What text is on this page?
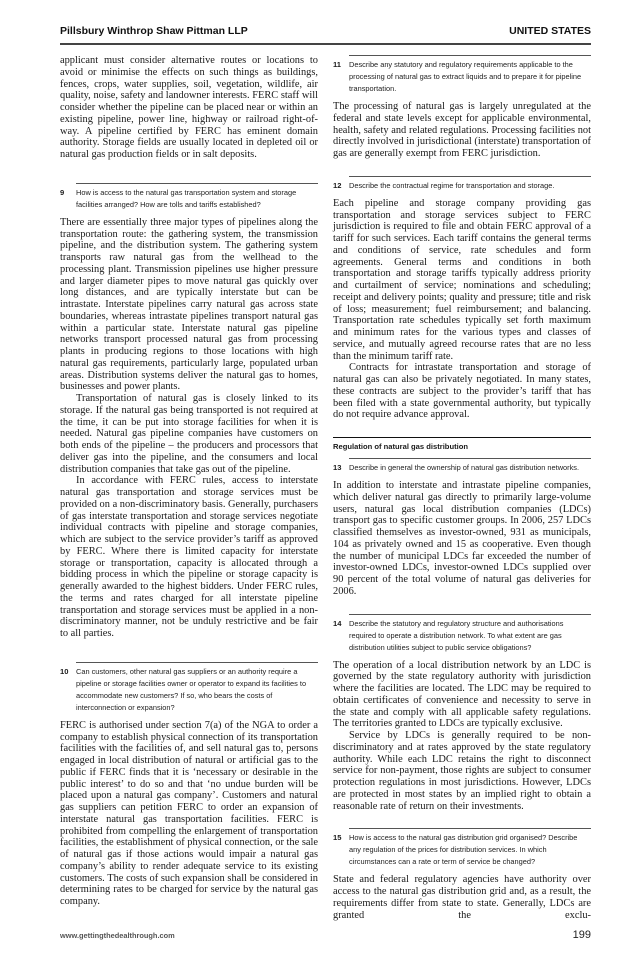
Pillsbury Winthrop Shaw Pittman LLP	UNITED STATES

applicant must consider alternative routes or locations to avoid or minimise the effects on such things as buildings, fences, crops, water supplies, soil, vegetation, wildlife, air quality, noise, safety and landowner interests. FERC staff will consider whether the pipeline can be placed near or within an existing pipeline, power line, highway or railroad right-of-way. A pipeline certified by FERC has eminent domain authority. Storage fields are usually located in depleted oil or natural gas production fields or in salt deposits.

9 How is access to the natural gas transportation system and storage facilities arranged? How are tolls and tariffs established?

There are essentially three major types of pipelines along the transportation route: the gathering system, the transmission pipeline, and the distribution system. The gathering system transports raw natural gas from the wellhead to the processing plant. Transmission pipelines use higher pressure and larger diameter pipes to move natural gas quickly over long distances, and are typically interstate but can be intrastate. Interstate pipelines carry natural gas across state boundaries, whereas intrastate pipelines transport natural gas within a particular state. Interstate natural gas pipeline networks transport processed natural gas from processing plants in producing regions to those locations with high natural gas requirements, particularly large, populated urban areas. Distribution systems deliver the natural gas to homes, businesses and power plants.

Transportation of natural gas is closely linked to its storage. If the natural gas being transported is not required at the time, it can be put into storage facilities for when it is needed. Natural gas pipeline companies have customers on both ends of the pipeline – the producers and processors that deliver gas into the pipeline, and the consumers and local distribution companies that take gas out of the pipeline.

In accordance with FERC rules, access to interstate natural gas transportation and storage services must be provided on a non-discriminatory basis. Generally, purchasers of gas interstate transportation and storage services negotiate individual contracts with pipeline and storage companies, which are subject to the service provider’s tariff as approved by FERC. Where there is limited capacity for interstate storage or transportation, capacity is allocated through a bidding process in which the pipeline or storage capacity is generally awarded to the highest bidders. Under FERC rules, the terms and rates charged for all interstate pipeline transportation and storage services must be applied in a non-discriminatory manner, not be unduly restrictive and be fair to all parties.

10 Can customers, other natural gas suppliers or an authority require a pipeline or storage facilities owner or operator to expand its facilities to accommodate new customers? If so, who bears the costs of interconnection or expansion?

FERC is authorised under section 7(a) of the NGA to order a company to establish physical connection of its transportation facilities with the facilities of, and sell natural gas to, persons engaged in local distribution of natural or artificial gas to the public if FERC finds that it is ‘necessary or desirable in the public interest’ to do so and that ‘no undue burden will be placed upon a natural gas company’. Customers and natural gas suppliers can petition FERC to order an expansion of interstate natural gas transportation facilities. FERC is prohibited from compelling the enlargement of transportation facilities, the establishment of physical connection, or the sale of natural gas if those actions would impair a natural gas company’s ability to render adequate service to its existing customers. The costs of such expansion shall be considered in determining rates to be charged for service by the natural gas company.

11 Describe any statutory and regulatory requirements applicable to the processing of natural gas to extract liquids and to prepare it for pipeline transportation.

The processing of natural gas is largely unregulated at the federal and state levels except for applicable environmental, health, safety and related regulations. Processing facilities not directly involved in jurisdictional (interstate) transportation of gas are generally exempt from FERC jurisdiction.

12 Describe the contractual regime for transportation and storage.

Each pipeline and storage company providing gas transportation and storage services subject to FERC jurisdiction is required to file and obtain FERC approval of a tariff for such services. Each tariff contains the general terms and conditions of service, rate schedules and form agreements. General terms and conditions in both transportation and storage tariffs typically address priority and curtailment of service; nominations and scheduling; receipt and delivery points; quality and pressure; title and risk of loss; measurement; fuel reimbursement; and balancing. Transportation rate schedules typically set forth maximum and minimum rates for the various types and classes of service, and mutually agreed recourse rates that are no less than the minimum tariff rate.

Contracts for intrastate transportation and storage of natural gas can also be privately negotiated. In many states, these contracts are subject to the provider’s tariff that has been filed with a state governmental authority, but typically do not require advance approval.

Regulation of natural gas distribution
13 Describe in general the ownership of natural gas distribution networks.

In addition to interstate and intrastate pipeline companies, which deliver natural gas directly to primarily large-volume users, natural gas local distribution companies (LDCs) transport gas to specific customer groups. In 2006, 257 LDCs classified themselves as investor-owned, 931 as municipals, 104 as privately owned and 15 as cooperative. Even though the number of municipal LDCs far exceeded the number of investor-owned LDCs, investor-owned LDCs supplied over 90 percent of the total volume of natural gas deliveries for 2006.

14 Describe the statutory and regulatory structure and authorisations required to operate a distribution network. To what extent are gas distribution utilities subject to public service obligations?

The operation of a local distribution network by an LDC is governed by the state regulatory authority with jurisdiction where the facilities are located. The LDC may be required to obtain certificates of convenience and necessity to serve in the state and comply with all applicable safety regulations. The territories granted to LDCs are typically exclusive.

Service by LDCs is generally required to be non-discriminatory and at rates approved by the state regulatory authority. While each LDC retains the right to disconnect service for non-payment, those rights are subject to consumer protection regulations in most jurisdictions. However, LDCs are protected in most states by an implied right to obtain a reasonable rate of return on their investments.

15 How is access to the natural gas distribution grid organised? Describe any regulation of the prices for distribution services. In which circumstances can a rate or term of service be changed?

State and federal regulatory agencies have authority over access to the natural gas distribution grid and, as a result, the requirements differ from state to state. Generally, LDCs are granted the exclu-

www.gettingthedealthrough.com	199
